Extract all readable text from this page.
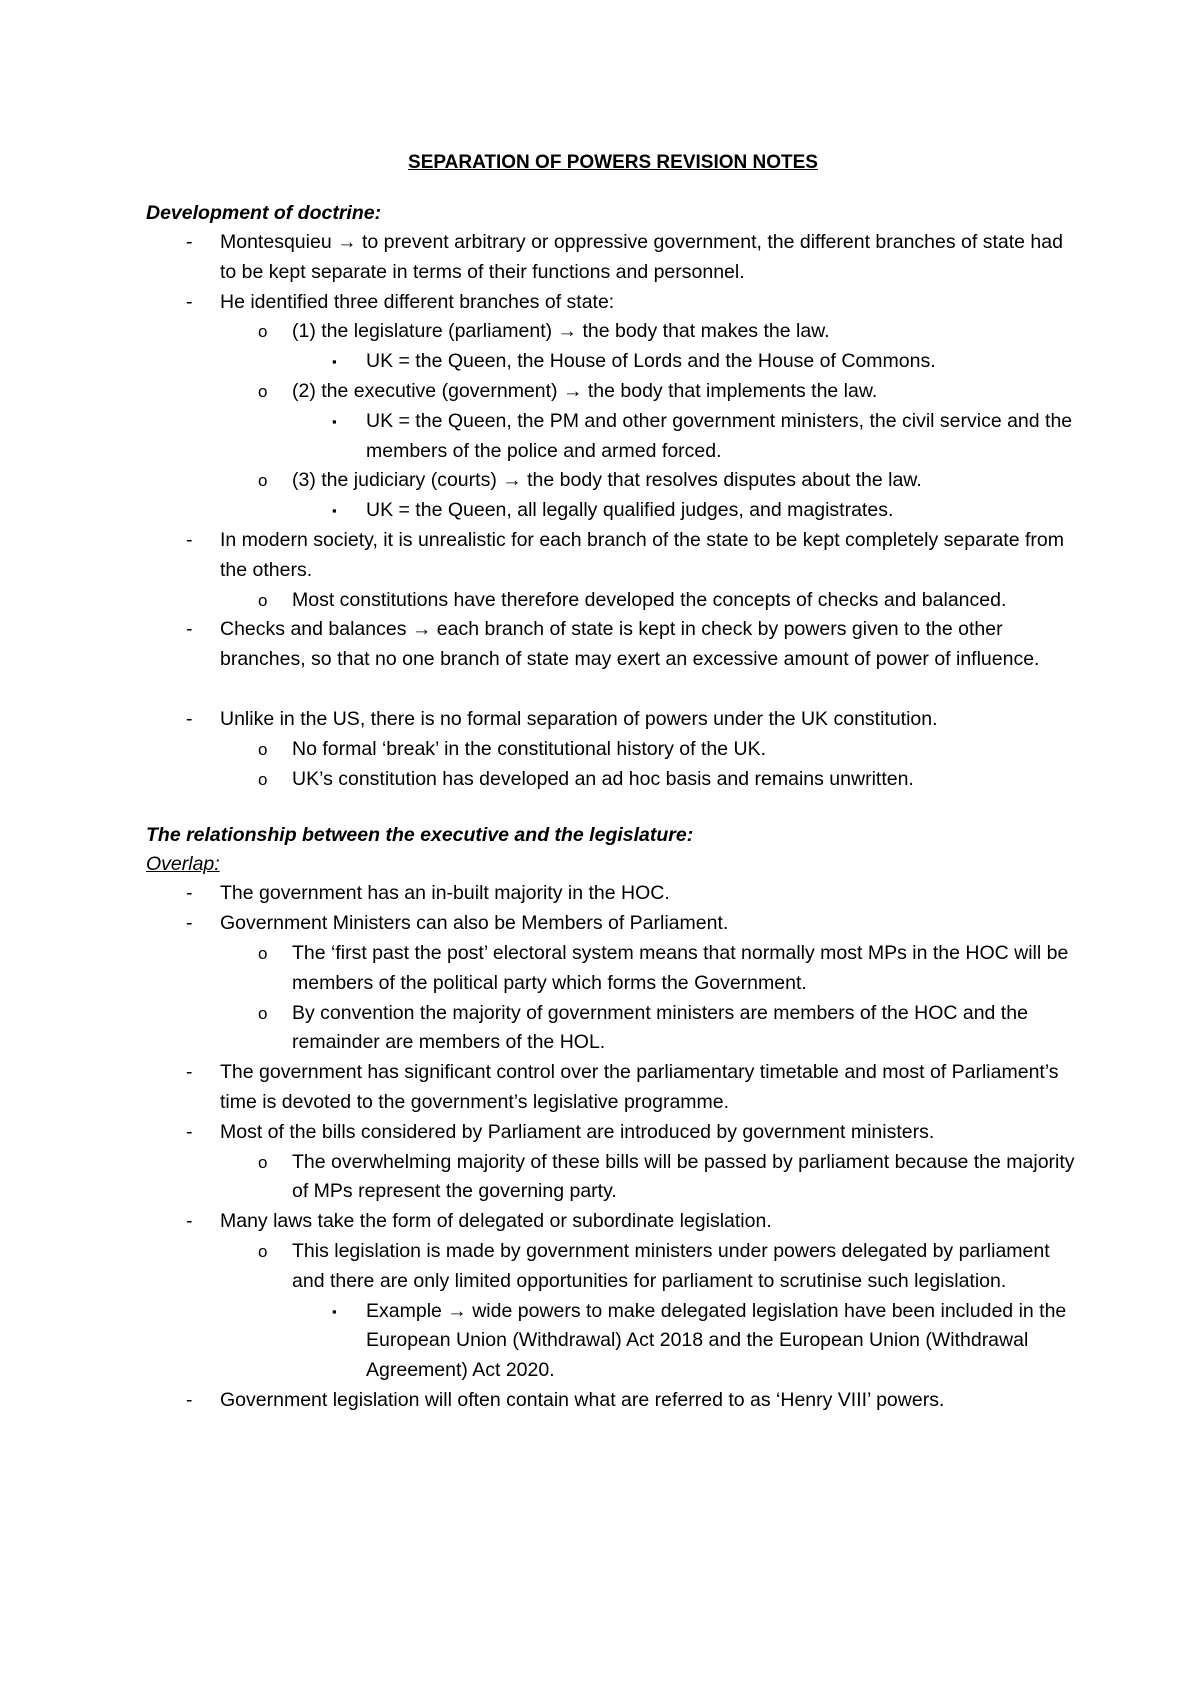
SEPARATION OF POWERS REVISION NOTES
Development of doctrine:
- Montesquieu → to prevent arbitrary or oppressive government, the different branches of state had to be kept separate in terms of their functions and personnel.
- He identified three different branches of state:
o (1) the legislature (parliament) → the body that makes the law.
▪ UK = the Queen, the House of Lords and the House of Commons.
o (2) the executive (government) → the body that implements the law.
▪ UK = the Queen, the PM and other government ministers, the civil service and the members of the police and armed forced.
o (3) the judiciary (courts) → the body that resolves disputes about the law.
▪ UK = the Queen, all legally qualified judges, and magistrates.
- In modern society, it is unrealistic for each branch of the state to be kept completely separate from the others.
o Most constitutions have therefore developed the concepts of checks and balanced.
- Checks and balances → each branch of state is kept in check by powers given to the other branches, so that no one branch of state may exert an excessive amount of power of influence.
- Unlike in the US, there is no formal separation of powers under the UK constitution.
o No formal ‘break’ in the constitutional history of the UK.
o UK’s constitution has developed an ad hoc basis and remains unwritten.
The relationship between the executive and the legislature:
Overlap:
- The government has an in-built majority in the HOC.
- Government Ministers can also be Members of Parliament.
o The ‘first past the post’ electoral system means that normally most MPs in the HOC will be members of the political party which forms the Government.
o By convention the majority of government ministers are members of the HOC and the remainder are members of the HOL.
- The government has significant control over the parliamentary timetable and most of Parliament’s time is devoted to the government’s legislative programme.
- Most of the bills considered by Parliament are introduced by government ministers.
o The overwhelming majority of these bills will be passed by parliament because the majority of MPs represent the governing party.
- Many laws take the form of delegated or subordinate legislation.
o This legislation is made by government ministers under powers delegated by parliament and there are only limited opportunities for parliament to scrutinise such legislation.
▪ Example → wide powers to make delegated legislation have been included in the European Union (Withdrawal) Act 2018 and the European Union (Withdrawal Agreement) Act 2020.
- Government legislation will often contain what are referred to as ‘Henry VIII’ powers.
